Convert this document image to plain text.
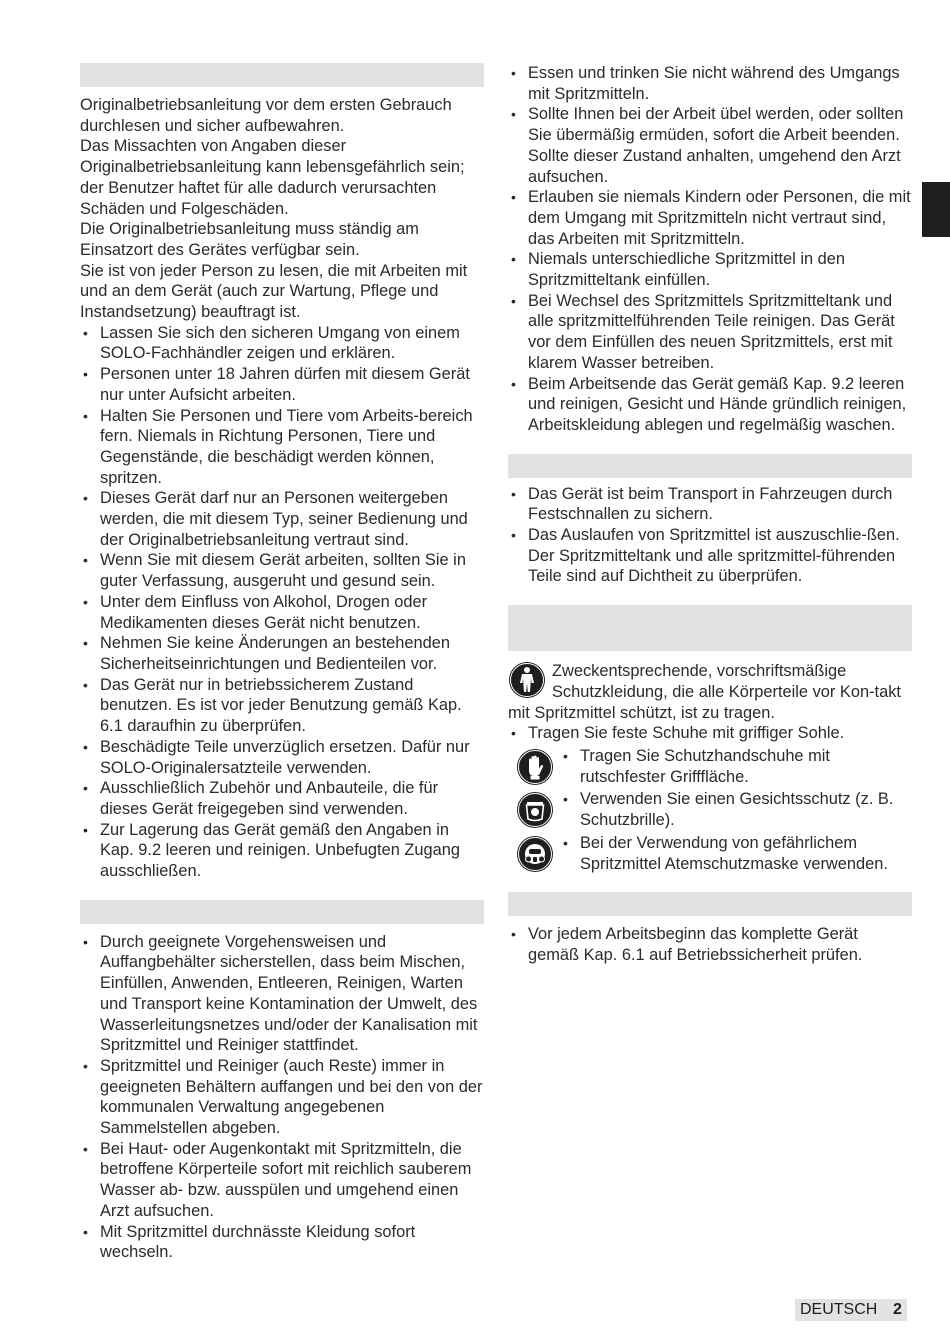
Originalbetriebsanleitung vor dem ersten Gebrauch durchlesen und sicher aufbewahren.

Das Missachten von Angaben dieser Originalbetriebsanleitung kann lebensgefährlich sein; der Benutzer haftet für alle dadurch verursachten Schäden und Folgeschäden.

Die Originalbetriebsanleitung muss ständig am Einsatzort des Gerätes verfügbar sein.

Sie ist von jeder Person zu lesen, die mit Arbeiten mit und an dem Gerät (auch zur Wartung, Pflege und Instandsetzung) beauftragt ist.

• Lassen Sie sich den sicheren Umgang von einem SOLO-Fachhändler zeigen und erklären.
• Personen unter 18 Jahren dürfen mit diesem Gerät nur unter Aufsicht arbeiten.
• Halten Sie Personen und Tiere vom Arbeits-bereich fern. Niemals in Richtung Personen, Tiere und Gegenstände, die beschädigt werden können, spritzen.
• Dieses Gerät darf nur an Personen weitergeben werden, die mit diesem Typ, seiner Bedienung und der Originalbetriebsanleitung vertraut sind.
• Wenn Sie mit diesem Gerät arbeiten, sollten Sie in guter Verfassung, ausgeruht und gesund sein.
• Unter dem Einfluss von Alkohol, Drogen oder Medikamenten dieses Gerät nicht benutzen.
• Nehmen Sie keine Änderungen an bestehenden Sicherheitseinrichtungen und Bedienteilen vor.
• Das Gerät nur in betriebssicherem Zustand benutzen. Es ist vor jeder Benutzung gemäß Kap. 6.1 daraufhin zu überprüfen.
• Beschädigte Teile unverzüglich ersetzen. Dafür nur SOLO-Originalersatzteile verwenden.
• Ausschließlich Zubehör und Anbauteile, die für dieses Gerät freigegeben sind verwenden.
• Zur Lagerung das Gerät gemäß den Angaben in Kap. 9.2 leeren und reinigen. Unbefugten Zugang ausschließen.
• Durch geeignete Vorgehensweisen und Auffangbehälter sicherstellen, dass beim Mischen, Einfüllen, Anwenden, Entleeren, Reinigen, Warten und Transport keine Kontamination der Umwelt, des Wasserleitungsnetzes und/oder der Kanalisation mit Spritzmittel und Reiniger stattfindet.
• Spritzmittel und Reiniger (auch Reste) immer in geeigneten Behältern auffangen und bei den von der kommunalen Verwaltung angegebenen Sammelstellen abgeben.
• Bei Haut- oder Augenkontakt mit Spritzmitteln, die betroffene Körperteile sofort mit reichlich sauberem Wasser ab- bzw. ausspülen und umgehend einen Arzt aufsuchen.
• Mit Spritzmittel durchnässte Kleidung sofort wechseln.
• Essen und trinken Sie nicht während des Umgangs mit Spritzmitteln.
• Sollte Ihnen bei der Arbeit übel werden, oder sollten Sie übermäßig ermüden, sofort die Arbeit beenden. Sollte dieser Zustand anhalten, umgehend den Arzt aufsuchen.
• Erlauben sie niemals Kindern oder Personen, die mit dem Umgang mit Spritzmitteln nicht vertraut sind, das Arbeiten mit Spritzmitteln.
• Niemals unterschiedliche Spritzmittel in den Spritzmitteltank einfüllen.
• Bei Wechsel des Spritzmittels Spritzmitteltank und alle spritzmittelführenden Teile reinigen. Das Gerät vor dem Einfüllen des neuen Spritzmittels, erst mit klarem Wasser betreiben.
• Beim Arbeitsende das Gerät gemäß Kap. 9.2 leeren und reinigen, Gesicht und Hände gründlich reinigen, Arbeitskleidung ablegen und regelmäßig waschen.
• Das Gerät ist beim Transport in Fahrzeugen durch Festschnallen zu sichern.
• Das Auslaufen von Spritzmittel ist auszuschlie-ßen. Der Spritzmitteltank und alle spritzmittel-führenden Teile sind auf Dichtheit zu überprüfen.
Zweckentsprechende, vorschriftsmäßige Schutzkleidung, die alle Körperteile vor Kon-takt mit Spritzmittel schützt, ist zu tragen.
• Tragen Sie feste Schuhe mit griffiger Sohle.
• Tragen Sie Schutzhandschuhe mit rutschfester Grifffläche.
• Verwenden Sie einen Gesichtsschutz (z. B. Schutzbrille).
• Bei der Verwendung von gefährlichem Spritzmittel Atemschutzmaske verwenden.
• Vor jedem Arbeitsbeginn das komplette Gerät gemäß Kap. 6.1 auf Betriebssicherheit prüfen.
DEUTSCH 2
